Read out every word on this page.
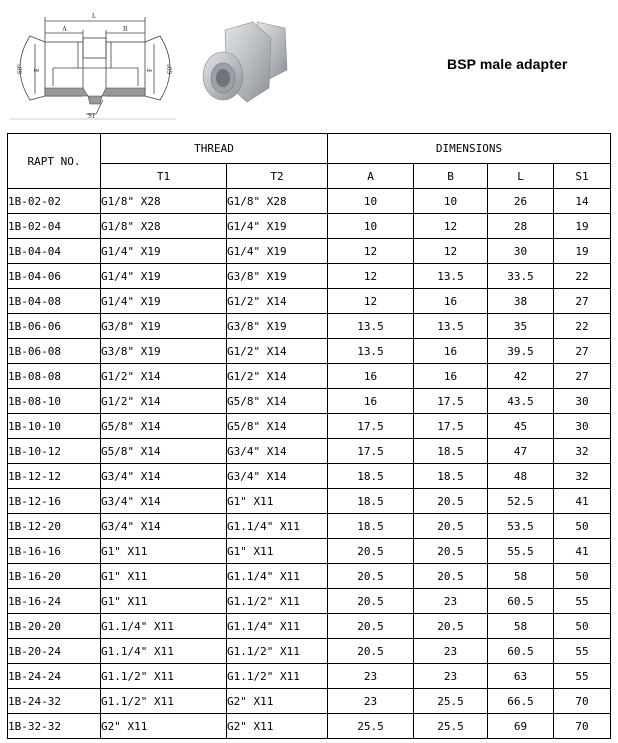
L
A	B
S1
60°	60°
E	F	BSP male adapter
RAPT NO.	THREAD		DIMENSIONS			
	T1	T2	A	B	L	S1
1B-02-02	G1/8" X28	G1/8" X28	10	10	26	14
1B-02-04	G1/8" X28	G1/4" X19	10	12	28	19
1B-04-04	G1/4" X19	G1/4" X19	12	12	30	19
1B-04-06	G1/4" X19	G3/8" X19	12	13.5	33.5	22
1B-04-08	G1/4" X19	G1/2" X14	12	16	38	27
1B-06-06	G3/8" X19	G3/8" X19	13.5	13.5	35	22
1B-06-08	G3/8" X19	G1/2" X14	13.5	16	39.5	27
1B-08-08	G1/2" X14	G1/2" X14	16	16	42	27
1B-08-10	G1/2" X14	G5/8" X14	16	17.5	43.5	30
1B-10-10	G5/8" X14	G5/8" X14	17.5	17.5	45	30
1B-10-12	G5/8" X14	G3/4" X14	17.5	18.5	47	32
1B-12-12	G3/4" X14	G3/4" X14	18.5	18.5	48	32
1B-12-16	G3/4" X14	G1" X11	18.5	20.5	52.5	41
1B-12-20	G3/4" X14	G1.1/4" X11	18.5	20.5	53.5	50
1B-16-16	G1" X11	G1" X11	20.5	20.5	55.5	41
1B-16-20	G1" X11	G1.1/4" X11	20.5	20.5	58	50
1B-16-24	G1" X11	G1.1/2" X11	20.5	23	60.5	55
1B-20-20	G1.1/4" X11	G1.1/4" X11	20.5	20.5	58	50
1B-20-24	G1.1/4" X11	G1.1/2" X11	20.5	23	60.5	55
1B-24-24	G1.1/2" X11	G1.1/2" X11	23	23	63	55
1B-24-32	G1.1/2" X11	G2" X11	23	25.5	66.5	70
1B-32-32	G2" X11	G2" X11	25.5	25.5	69	70
